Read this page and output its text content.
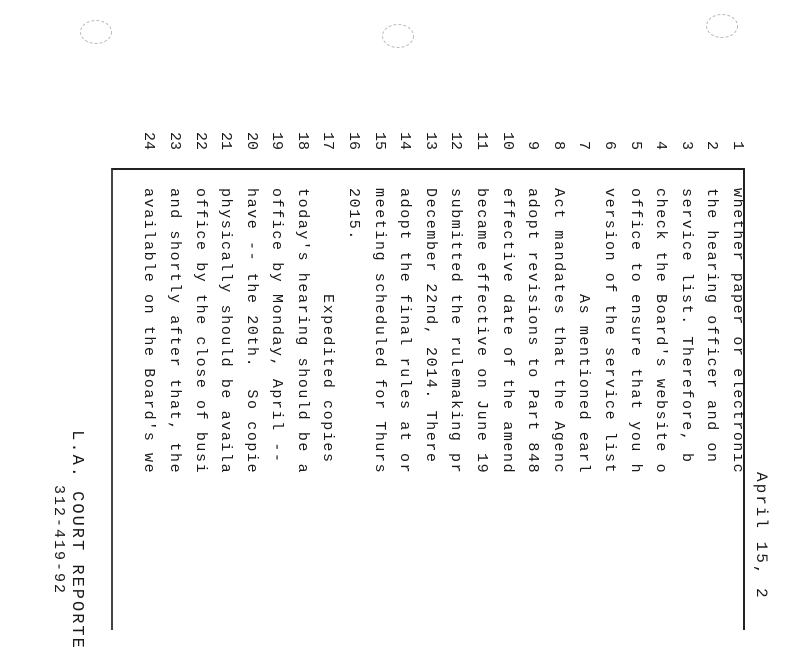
April 15, 2
1
2
3
4
5
6
7
8
9
10
11
12
13
14
15
16
17
18
19
20
21
22
23
24
whether paper or electronic
the hearing officer and on
service list. Therefore, b
check the Board's website o
office to ensure that you h
version of the service list
As mentioned earl
Act mandates that the Agenc
adopt revisions to Part 848
effective date of the amend
became effective on June 19
submitted the rulemaking pr
December 22nd, 2014. There
adopt the final rules at or
meeting scheduled for Thurs
2015.
Expedited copies
today's hearing should be a
office by Monday, April --
have -- the 20th.  So copie
physically should be availa
office by the close of busi
and shortly after that, the
available on the Board's we
L.A. COURT REPORTE
312-419-92
